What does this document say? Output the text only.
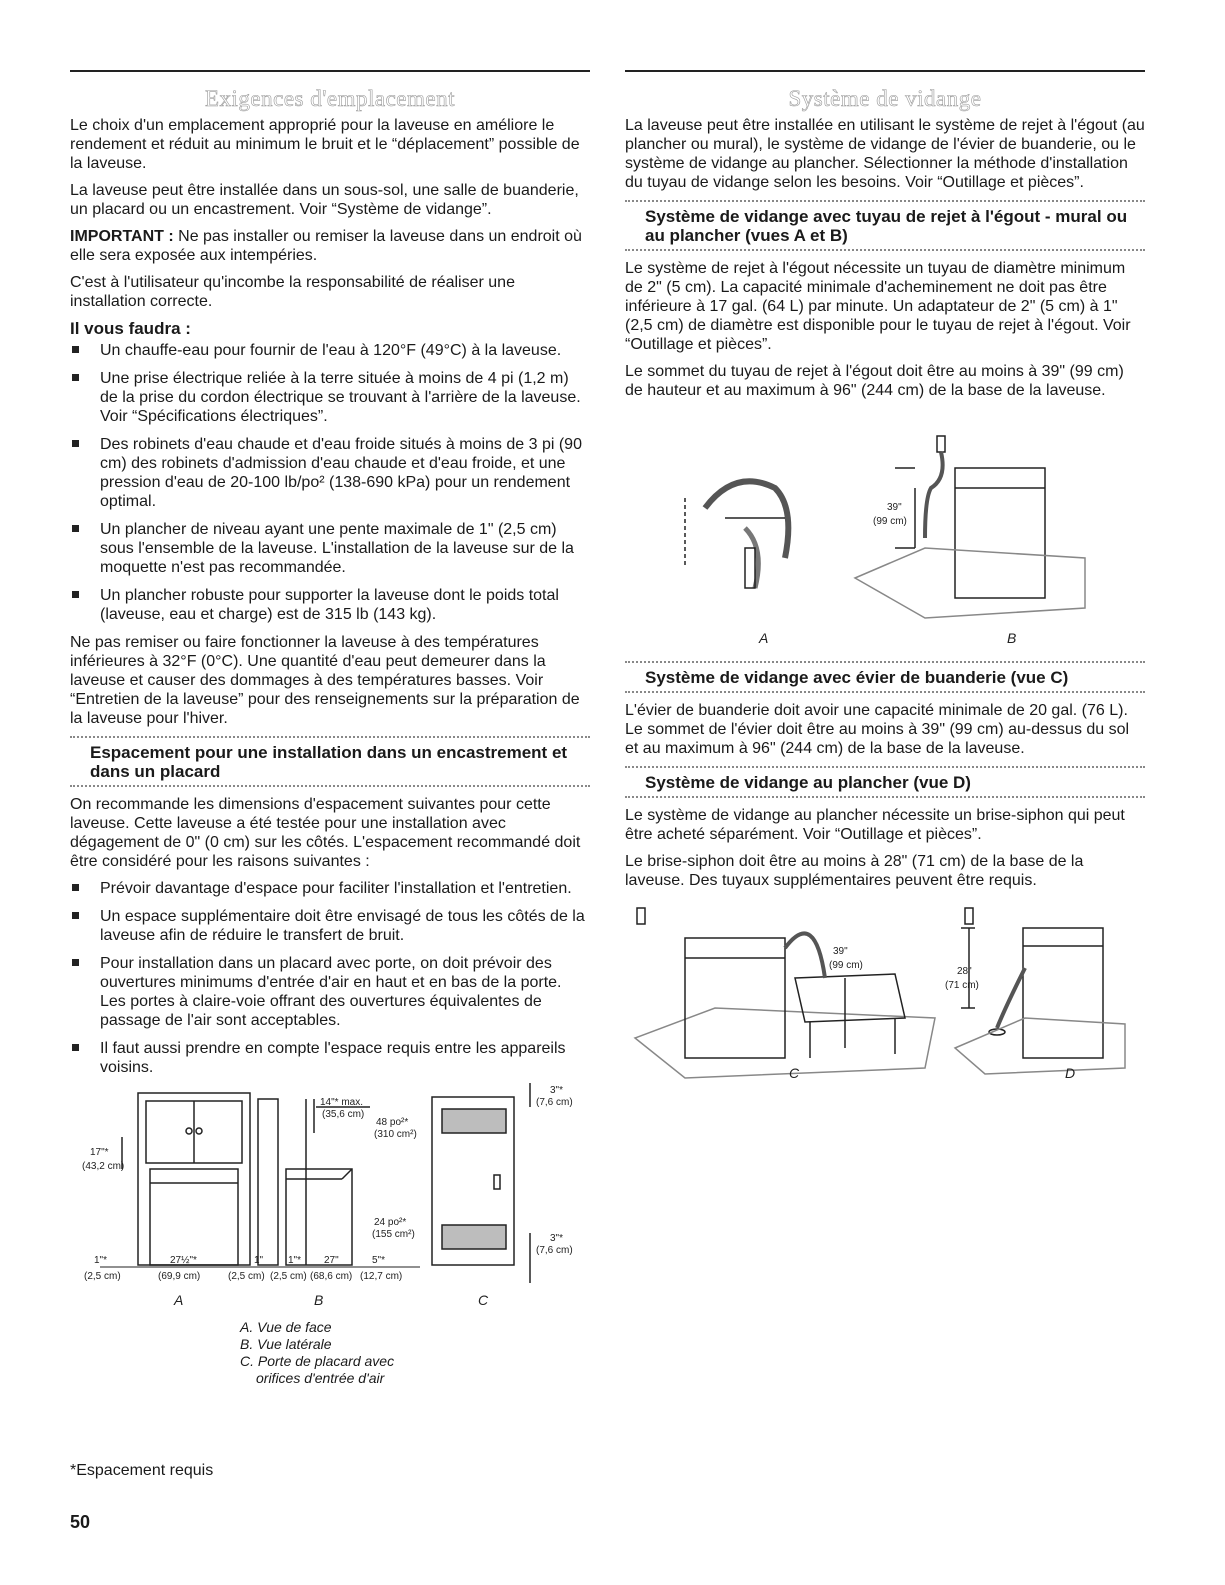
Exigences d'emplacement

Le choix d'un emplacement approprié pour la laveuse en améliore le rendement et réduit au minimum le bruit et le “déplacement” possible de la laveuse.

La laveuse peut être installée dans un sous-sol, une salle de buanderie, un placard ou un encastrement. Voir “Système de vidange”.

IMPORTANT : Ne pas installer ou remiser la laveuse dans un endroit où elle sera exposée aux intempéries.

C'est à l'utilisateur qu'incombe la responsabilité de réaliser une installation correcte.

Il vous faudra :
Un chauffe-eau pour fournir de l'eau à 120°F (49°C) à la laveuse.
Une prise électrique reliée à la terre située à moins de 4 pi (1,2 m) de la prise du cordon électrique se trouvant à l'arrière de la laveuse. Voir “Spécifications électriques”.
Des robinets d'eau chaude et d'eau froide situés à moins de 3 pi (90 cm) des robinets d'admission d'eau chaude et d'eau froide, et une pression d'eau de 20-100 lb/po² (138-690 kPa) pour un rendement optimal.
Un plancher de niveau ayant une pente maximale de 1" (2,5 cm) sous l'ensemble de la laveuse. L'installation de la laveuse sur de la moquette n'est pas recommandée.
Un plancher robuste pour supporter la laveuse dont le poids total (laveuse, eau et charge) est de 315 lb (143 kg).

Ne pas remiser ou faire fonctionner la laveuse à des températures inférieures à 32°F (0°C). Une quantité d'eau peut demeurer dans la laveuse et causer des dommages à des températures basses. Voir “Entretien de la laveuse” pour des renseignements sur la préparation de la laveuse pour l'hiver.

Espacement pour une installation dans un encastrement et dans un placard

On recommande les dimensions d'espacement suivantes pour cette laveuse. Cette laveuse a été testée pour une installation avec dégagement de 0" (0 cm) sur les côtés. L'espacement recommandé doit être considéré pour les raisons suivantes :

Prévoir davantage d'espace pour faciliter l'installation et l'entretien.
Un espace supplémentaire doit être envisagé de tous les côtés de la laveuse afin de réduire le transfert de bruit.
Pour installation dans un placard avec porte, on doit prévoir des ouvertures minimums d'entrée d'air en haut et en bas de la porte. Les portes à claire-voie offrant des ouvertures équivalentes de passage de l'air sont acceptables.
Il faut aussi prendre en compte l'espace requis entre les appareils voisins.
17"*
(43,2 cm)
14"* max.
(35,6 cm)
48 po²*
(310 cm²)
24 po²*
(155 cm²)
3"*
(7,6 cm)
3"*
(7,6 cm)
1"*
(2,5 cm)
27½"*
(69,9 cm)
1"
(2,5 cm)
1"*
(2,5 cm)
27"
(68,6 cm)
5"*
(12,7 cm)
A	B	C
A. Vue de face
B. Vue latérale
C. Porte de placard avec
orifices d'entrée d'air
*Espacement requis
50
Système de vidange

La laveuse peut être installée en utilisant le système de rejet à l'égout (au plancher ou mural), le système de vidange de l'évier de buanderie, ou le système de vidange au plancher. Sélectionner la méthode d'installation du tuyau de vidange selon les besoins. Voir “Outillage et pièces”.

Système de vidange avec tuyau de rejet à l'égout - mural ou au plancher (vues A et B)

Le système de rejet à l'égout nécessite un tuyau de diamètre minimum de 2" (5 cm). La capacité minimale d'acheminement ne doit pas être inférieure à 17 gal. (64 L) par minute. Un adaptateur de 2" (5 cm) à 1" (2,5 cm) de diamètre est disponible pour le tuyau de rejet à l'égout. Voir “Outillage et pièces”.

Le sommet du tuyau de rejet à l'égout doit être au moins à 39" (99 cm) de hauteur et au maximum à 96" (244 cm) de la base de la laveuse.

39"
(99 cm)
A	B
Système de vidange avec évier de buanderie (vue C)

L'évier de buanderie doit avoir une capacité minimale de 20 gal. (76 L). Le sommet de l'évier doit être au moins à 39" (99 cm) au-dessus du sol et au maximum à 96" (244 cm) de la base de la laveuse.

Système de vidange au plancher (vue D)

Le système de vidange au plancher nécessite un brise-siphon qui peut être acheté séparément. Voir “Outillage et pièces”.

Le brise-siphon doit être au moins à 28" (71 cm) de la base de la laveuse. Des tuyaux supplémentaires peuvent être requis.

39"
(99 cm)
28"
(71 cm)
C	D
